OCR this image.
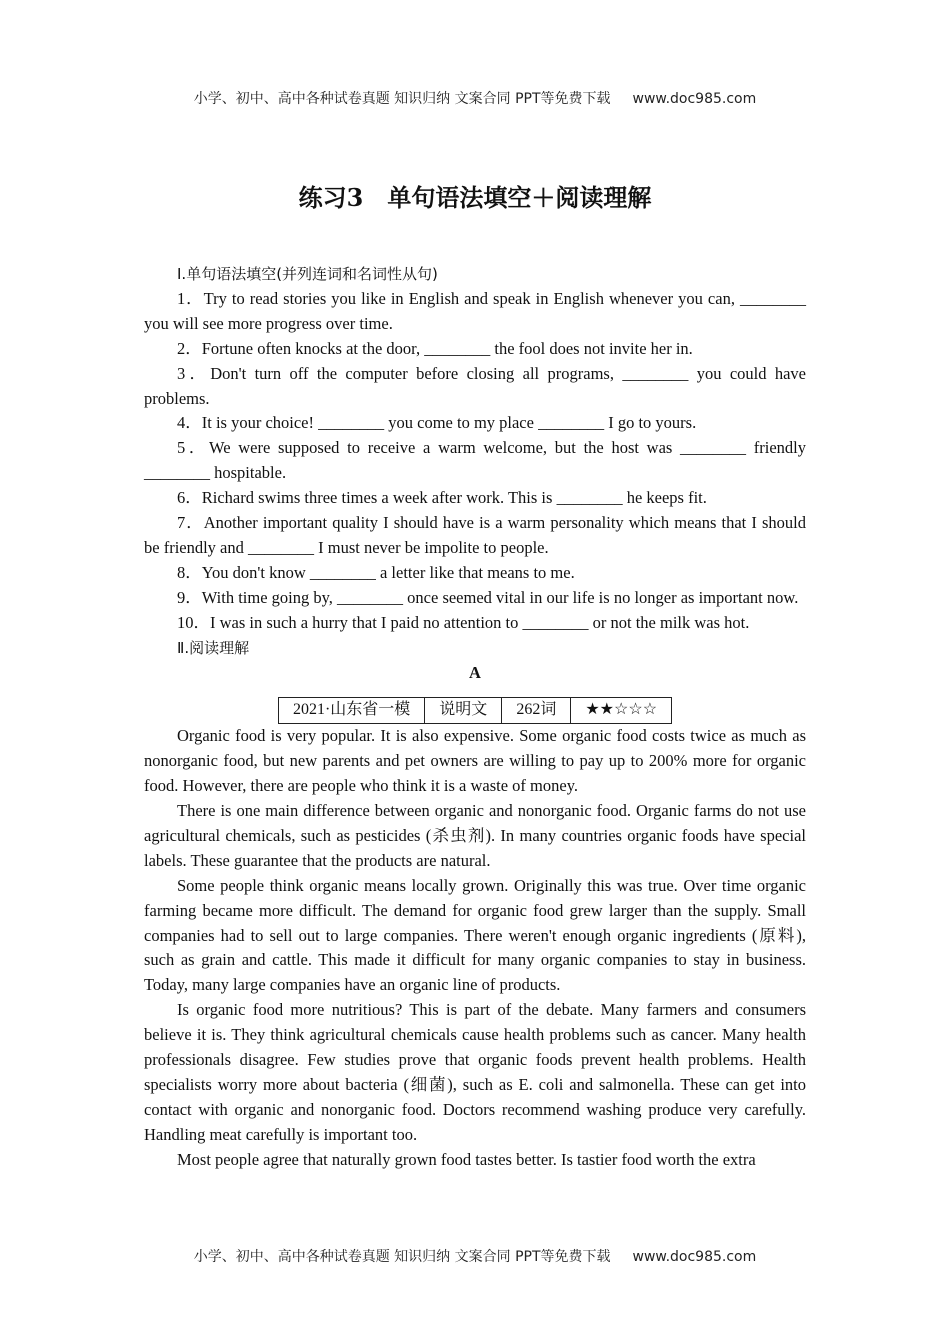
小学、初中、高中各种试卷真题 知识归纳 文案合同 PPT等免费下载 www.doc985.com
练习3　单句语法填空＋阅读理解

Ⅰ.单句语法填空(并列连词和名词性从句)

1．Try to read stories you like in English and speak in English whenever you can, ________ you will see more progress over time.

2．Fortune often knocks at the door, ________ the fool does not invite her in.

3．Don't turn off the computer before closing all programs, ________ you could have problems.

4．It is your choice! ________ you come to my place ________ I go to yours.

5．We were supposed to receive a warm welcome, but the host was ________ friendly ________ hospitable.

6．Richard swims three times a week after work. This is ________ he keeps fit.

7．Another important quality I should have is a warm personality which means that I should be friendly and ________ I must never be impolite to people.

8．You don't know ________ a letter like that means to me.

9．With time going by, ________ once seemed vital in our life is no longer as important now.

10．I was in such a hurry that I paid no attention to ________ or not the milk was hot.

Ⅱ.阅读理解

A

2021·山东省一模	说明文	262词	★★☆☆☆

Organic food is very popular. It is also expensive. Some organic food costs twice as much as nonorganic food, but new parents and pet owners are willing to pay up to 200% more for organic food. However, there are people who think it is a waste of money.

There is one main difference between organic and nonorganic food. Organic farms do not use agricultural chemicals, such as pesticides (杀虫剂). In many countries organic foods have special labels. These guarantee that the products are natural.

Some people think organic means locally grown. Originally this was true. Over time organic farming became more difficult. The demand for organic food grew larger than the supply. Small companies had to sell out to large companies. There weren't enough organic ingredients (原料), such as grain and cattle. This made it difficult for many organic companies to stay in business. Today, many large companies have an organic line of products.

Is organic food more nutritious? This is part of the debate. Many farmers and consumers believe it is. They think agricultural chemicals cause health problems such as cancer. Many health professionals disagree. Few studies prove that organic foods prevent health problems. Health specialists worry more about bacteria (细菌), such as E. coli and salmonella. These can get into contact with organic and nonorganic food. Doctors recommend washing produce very carefully. Handling meat carefully is important too.

Most people agree that naturally grown food tastes better. Is tastier food worth the extra

小学、初中、高中各种试卷真题 知识归纳 文案合同 PPT等免费下载 www.doc985.com
